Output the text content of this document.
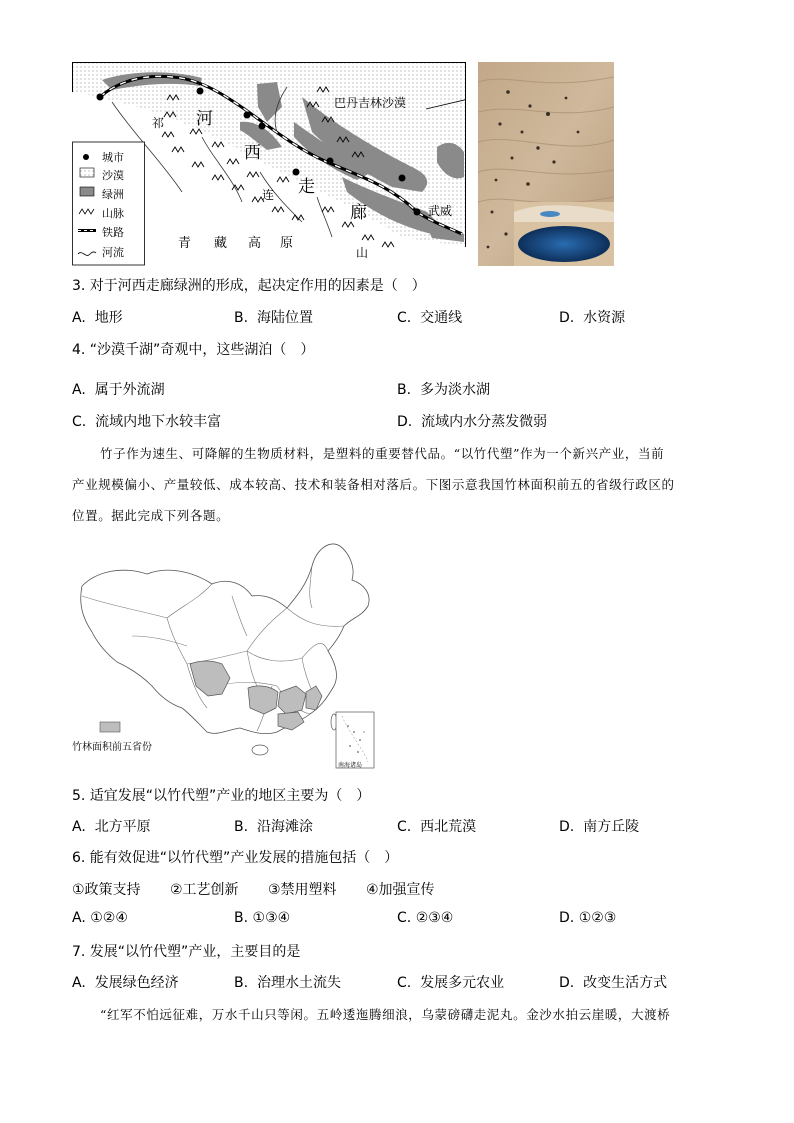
巴丹吉林沙漠
武威
河
西
走
廊
祁
连
山
青 藏 高 原
城市
沙漠
绿洲
山脉
铁路
河流
3. 对于河西走廊绿洲的形成，起决定作用的因素是（　）
A. 地形	B. 海陆位置	C. 交通线	D. 水资源
4. “沙漠千湖”奇观中，这些湖泊（　）
A. 属于外流湖	B. 多为淡水湖
C. 流域内地下水较丰富	D. 流域内水分蒸发微弱
竹子作为速生、可降解的生物质材料，是塑料的重要替代品。“以竹代塑”作为一个新兴产业，当前
产业规模偏小、产量较低、成本较高、技术和装备相对落后。下图示意我国竹林面积前五的省级行政区的
位置。据此完成下列各题。
竹林面积前五省份
南海诸岛
5. 适宜发展“以竹代塑”产业的地区主要为（　）
A. 北方平原	B. 沿海滩涂	C. 西北荒漠	D. 南方丘陵
6. 能有效促进“以竹代塑”产业发展的措施包括（　）
①政策支持 ②工艺创新 ③禁用塑料 ④加强宣传
A. ①②④	B. ①③④	C. ②③④	D. ①②③
7. 发展“以竹代塑”产业，主要目的是
A. 发展绿色经济	B. 治理水土流失	C. 发展多元农业	D. 改变生活方式
“红军不怕远征难，万水千山只等闲。五岭逶迤腾细浪，乌蒙磅礴走泥丸。金沙水拍云崖暖，大渡桥
